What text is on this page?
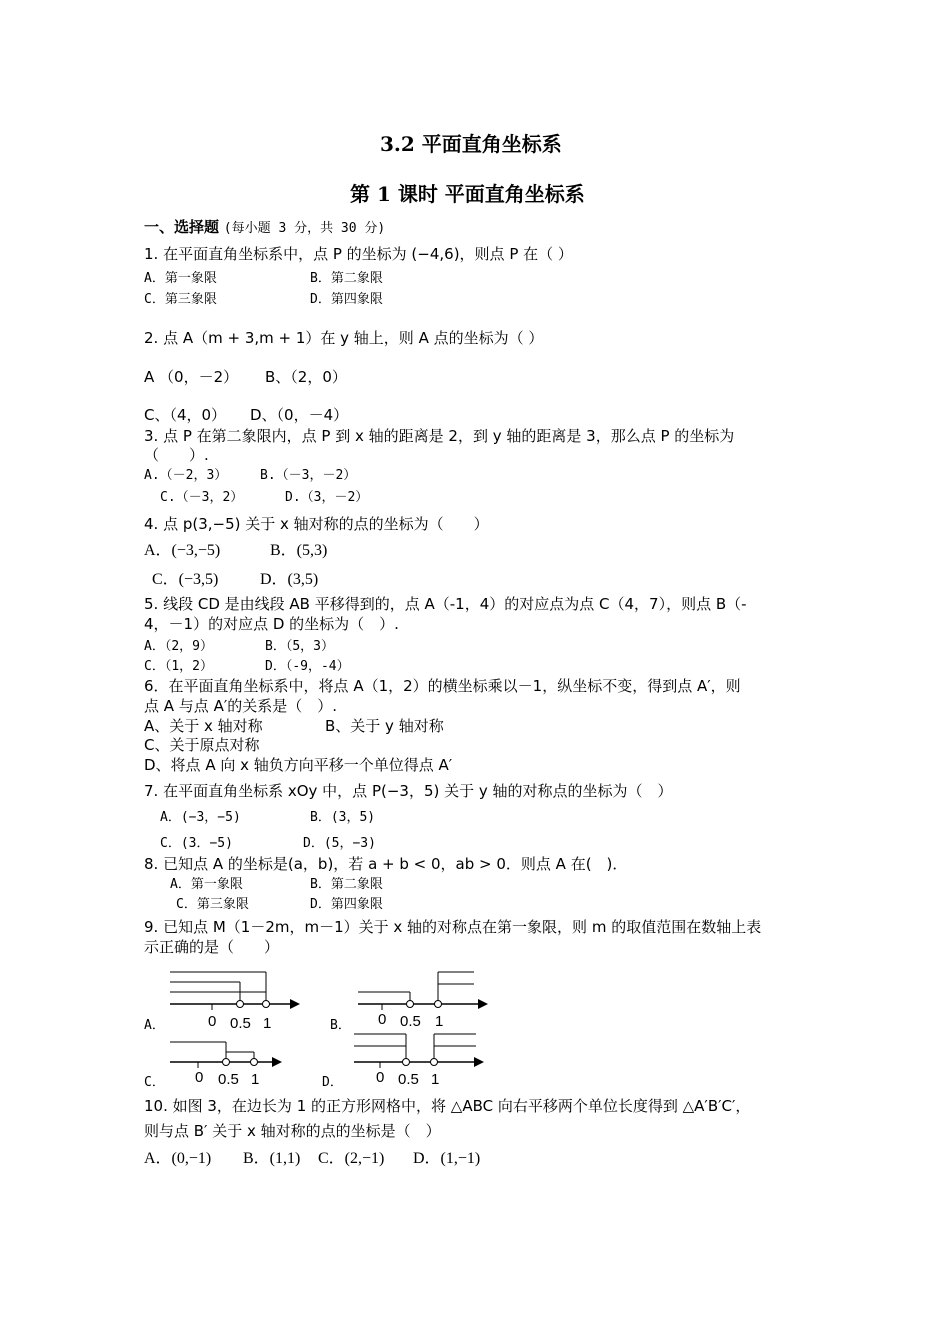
3.2 平面直角坐标系
第 1 课时 平面直角坐标系
一、选择题 (每小题 3 分，共 30 分)
1. 在平面直角坐标系中，点 P 的坐标为 (−4,6)，则点 P 在（ ）
A．第一象限	B．第二象限
C．第三象限	D．第四象限
2. 点 A（m + 3,m + 1）在 y 轴上，则 A 点的坐标为（ ）
A （0，－2） B、（2，0）
C、（4，0） D、（0，－4）
3. 点 P 在第二象限内，点 P 到 x 轴的距离是 2，到 y 轴的距离是 3，那么点 P 的坐标为
（　　）.
A.（－2，3）	B.（－3，－2）
C.（－3，2）	D.（3，－2）
4. 点 p(3,−5) 关于 x 轴对称的点的坐标为（　　）
A．(−3,−5)	B．(5,3)
C．(−3,5)	D．(3,5)
5. 线段 CD 是由线段 AB 平移得到的，点 A（-1，4）的对应点为点 C（4，7），则点 B（-
4，－1）的对应点 D 的坐标为（　）.
A．（2，9）	B．（5，3）
C．（1，2）	D．（-9，-4）
6．在平面直角坐标系中，将点 A（1，2）的横坐标乘以－1，纵坐标不变，得到点 A′，则
点 A 与点 A′的关系是（　）.
A、关于 x 轴对称	B、关于 y 轴对称
C、关于原点对称
D、将点 A 向 x 轴负方向平移一个单位得点 A′
7. 在平面直角坐标系 xOy 中，点 P(−3，5) 关于 y 轴的对称点的坐标为（　）
A．(−3，−5)	B．(3，5)
C．(3．−5)	D．(5，−3)
8. 已知点 A 的坐标是(a，b)，若 a + b < 0，ab > 0．则点 A 在(　)．
A．第一象限	B．第二象限
C．第三象限	D．第四象限
9. 已知点 M（1－2m，m－1）关于 x 轴的对称点在第一象限，则 m 的取值范围在数轴上表
示正确的是（　　）
A．	B．
C．	D．
0 0.5 1	0 0.5 1
0 0.5 1	0 0.5 1
10. 如图 3，在边长为 1 的正方形网格中，将 △ABC 向右平移两个单位长度得到 △A′B′C′，
则与点 B′ 关于 x 轴对称的点的坐标是（　）
A．(0,−1) B．(1,1) C．(2,−1) D．(1,−1)
